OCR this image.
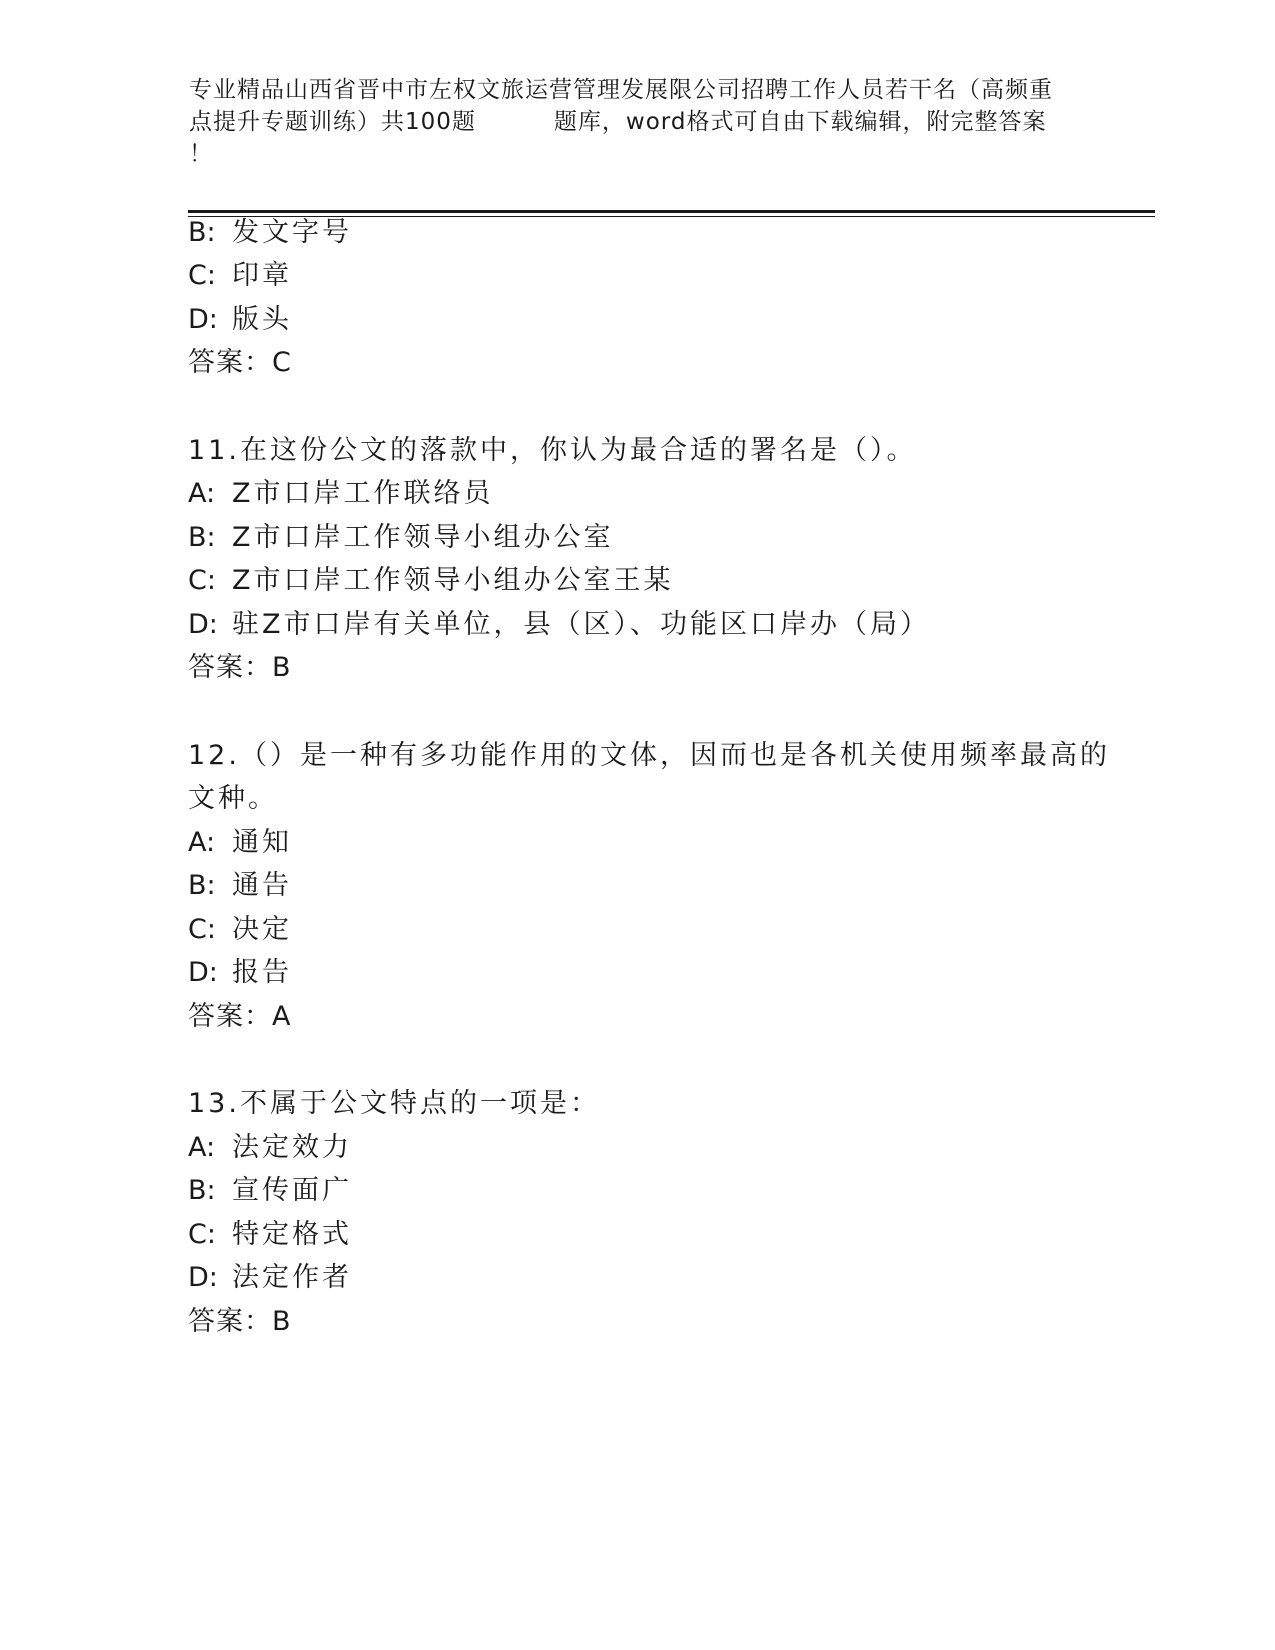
专业精品山西省晋中市左权文旅运营管理发展限公司招聘工作人员若干名（高频重
点提升专题训练）共100题	题库，word格式可自由下载编辑，附完整答案
！
B: 发文字号
C: 印章
D: 版头
答案：C
11.在这份公文的落款中，你认为最合适的署名是（）。
A: Z市口岸工作联络员
B: Z市口岸工作领导小组办公室
C: Z市口岸工作领导小组办公室王某
D: 驻Z市口岸有关单位，县（区）、功能区口岸办（局）
答案：B
12.（）是一种有多功能作用的文体，因而也是各机关使用频率最高的
文种。
A: 通知
B: 通告
C: 决定
D: 报告
答案：A
13.不属于公文特点的一项是：
A: 法定效力
B: 宣传面广
C: 特定格式
D: 法定作者
答案：B
